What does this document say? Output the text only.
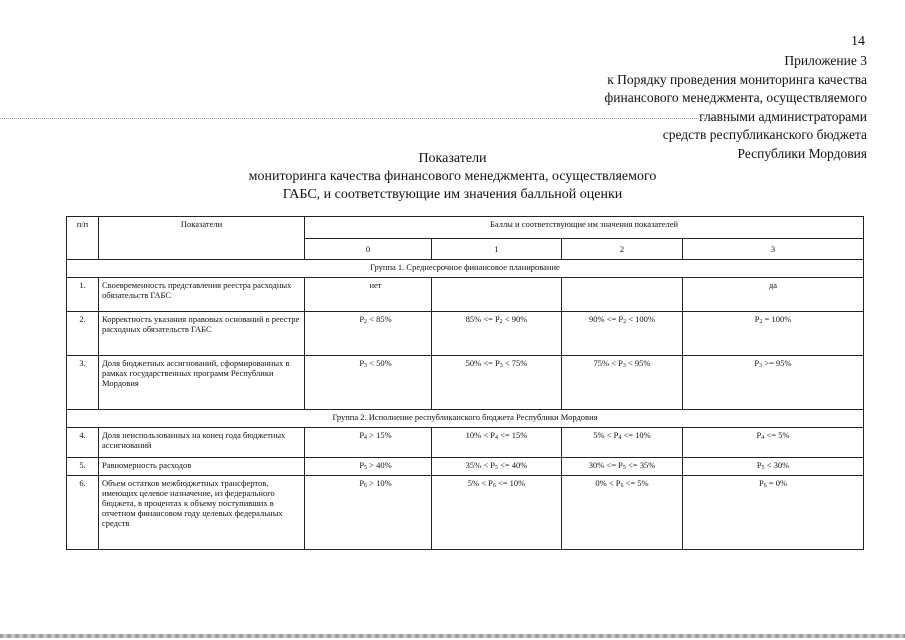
14
Приложение 3
к Порядку проведения мониторинга качества
финансового менеджмента, осуществляемого
главными администраторами
средств республиканского бюджета
Республики Мордовия
Показатели
мониторинга качества финансового менеджмента, осуществляемого
ГАБС, и соответствующие им значения балльной оценки
п/п	Показатели	Баллы и соответствующие им значения показателей			
		0	1	2	3
Группа 1. Среднесрочное финансовое планирование					
1.	Своевременность представления реестра расходных обязательств ГАБС	нет			да
2.	Корректность указания правовых оснований в реестре расходных обязательств ГАБС	$P_2 < 85\%$	$85\% <= P_2 < 90\%$	$90\% <= P_2 < 100\%$	$P_2 = 100\%$
3.	Доля бюджетных ассигнований, сформированных в рамках государственных программ Республики Мордовия	$P_3 < 50\%$	$50\% <= P_3 < 75\%$	$75\% < P_3 < 95\%$	$P_3 >= 95\%$
Группа 2. Исполнение республиканского бюджета Республики Мордовия					
4.	Доля неиспользованных на конец года бюджетных ассигнований	$P_4 > 15\%$	$10\% < P_4 <= 15\%$	$5\% < P_4 <= 10\%$	$P_4 <= 5\%$
5.	Равномерность расходов	$P_5 > 40\%$	$35\% < P_5 <= 40\%$	$30\% <= P_5 <= 35\%$	$P_5 < 30\%$
6.	Объем остатков межбюджетных трансфертов, имеющих целевое назначение, из федерального бюджета, в процентах к объему поступивших в отчетном финансовом году целевых федеральных средств	$P_6 > 10\%$	$5\% < P_6 <= 10\%$	$0\% < P_6 <= 5\%$	$P_6 = 0\%$
